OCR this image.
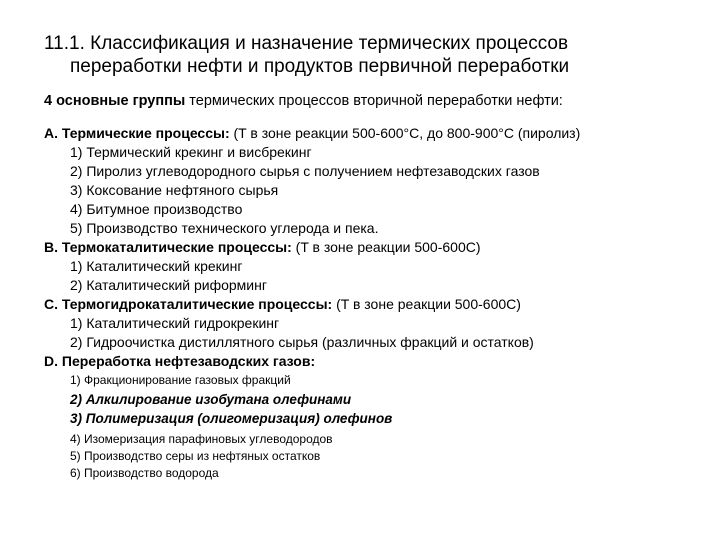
11.1. Классификация и назначение термических процессов
переработки нефти и продуктов первичной переработки
4 основные группы термических процессов вторичной переработки нефти:
A. Термические процессы: (T в зоне реакции 500-600°С, до 800-900°С (пиролиз)
1) Термический крекинг и висбрекинг
2) Пиролиз углеводородного сырья с получением нефтезаводских газов
3) Коксование нефтяного сырья
4) Битумное производство
5) Производство технического углерода и пека.
B. Термокаталитические процессы: (T в зоне реакции 500-600С)
1) Каталитический крекинг
2) Каталитический риформинг
C. Термогидрокаталитические процессы: (T в зоне реакции 500-600С)
1) Каталитический гидрокрекинг
2) Гидроочистка дистиллятного сырья (различных фракций и остатков)
D. Переработка нефтезаводских газов:
1) Фракционирование газовых фракций
2) Алкилирование изобутана олефинами
3) Полимеризация (олигомеризация) олефинов
4) Изомеризация парафиновых углеводородов
5) Производство серы из нефтяных остатков
6) Производство водорода
